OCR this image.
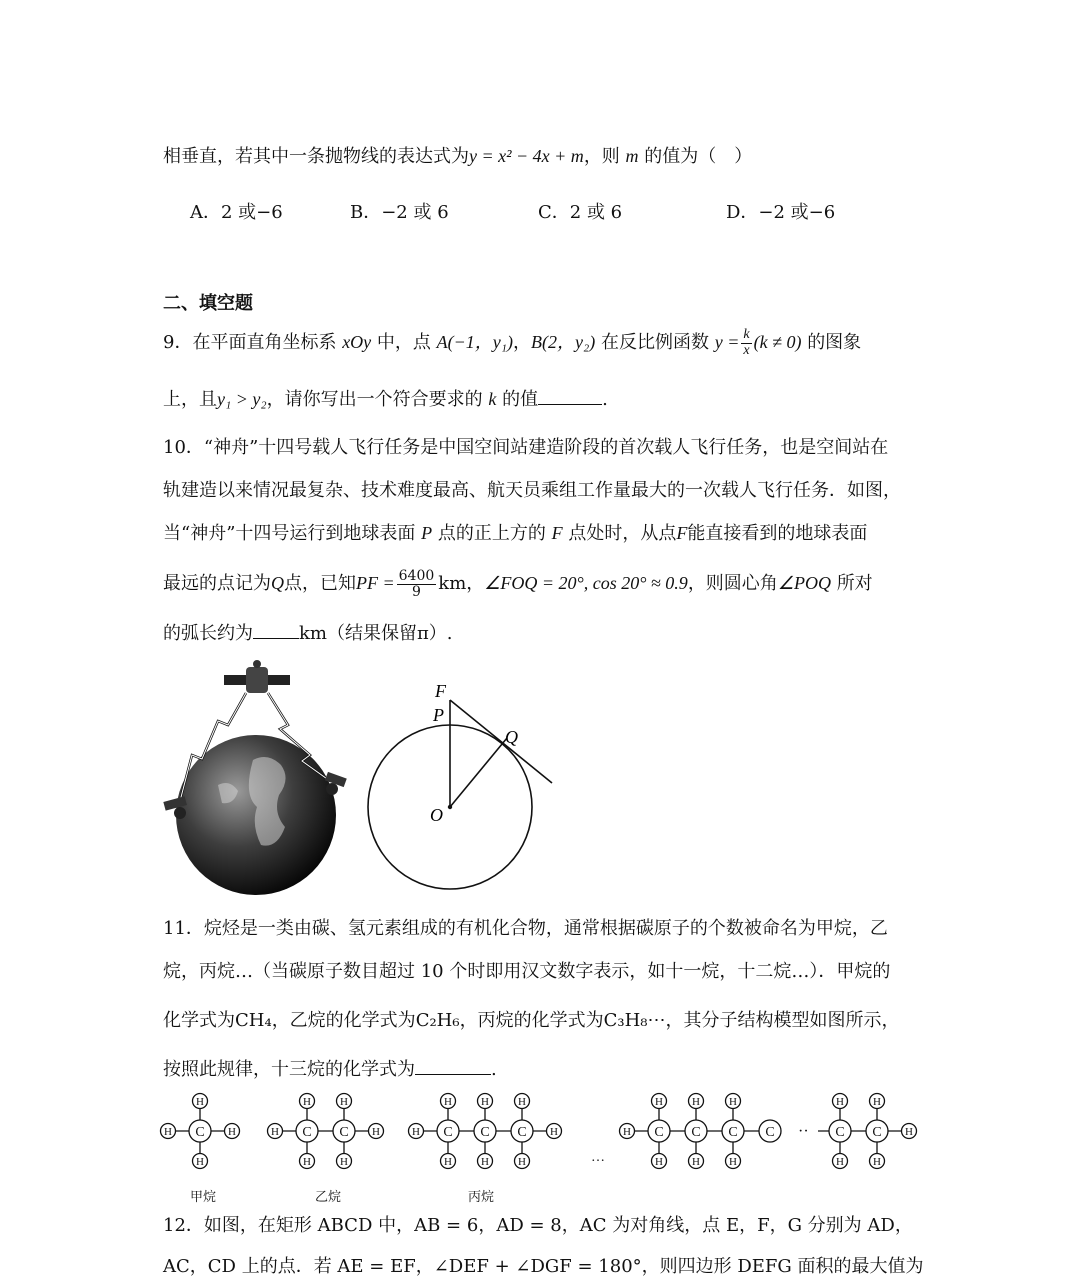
相垂直，若其中一条抛物线的表达式为y = x² − 4x + m，则 m 的值为（　）
A．2 或−6	B．−2 或 6	C．2 或 6	D．−2 或−6
二、填空题
9．在平面直角坐标系 xOy 中，点 A(−1，y₁)，B(2，y₂) 在反比例函数 $y = \frac{k}{x} (k \ne 0)$ 的图象
上，且y₁ > y₂，请你写出一个符合要求的 k 的值	.
10．“神舟”十四号载人飞行任务是中国空间站建造阶段的首次载人飞行任务，也是空间站在
轨建造以来情况最复杂、技术难度最高、航天员乘组工作量最大的一次载人飞行任务．如图，
当“神舟”十四号运行到地球表面 P 点的正上方的 F 点处时，从点F能直接看到的地球表面
最远的点记为Q点，已知PF = $\frac{6400}{9}$ km，∠FOQ = 20°, cos 20° ≈ 0.9，则圆心角∠POQ 所对
的弧长约为	km（结果保留π）.
F
P
Q
O
11．烷烃是一类由碳、氢元素组成的有机化合物，通常根据碳原子的个数被命名为甲烷，乙
烷，丙烷…（当碳原子数目超过 10 个时即用汉文数字表示，如十一烷，十二烷…）．甲烷的
化学式为CH₄，乙烷的化学式为C₂H₆，丙烷的化学式为C₃H₈⋯，其分子结构模型如图所示，
按照此规律，十三烷的化学式为	.
H	H
H
H
C	H	H
H
H
C
H
H
C	H	H
H
H
C
H
H
C
H
H
C
…
H
H
H
C
H
H
C
H
H
C C ··	H
H
H
C
H
H
C
甲烷	乙烷	丙烷
12．如图，在矩形 ABCD 中，AB = 6，AD = 8，AC 为对角线，点 E，F，G 分别为 AD，
AC，CD 上的点．若 AE = EF，∠DEF + ∠DGF = 180°，则四边形 DEFG 面积的最大值为
